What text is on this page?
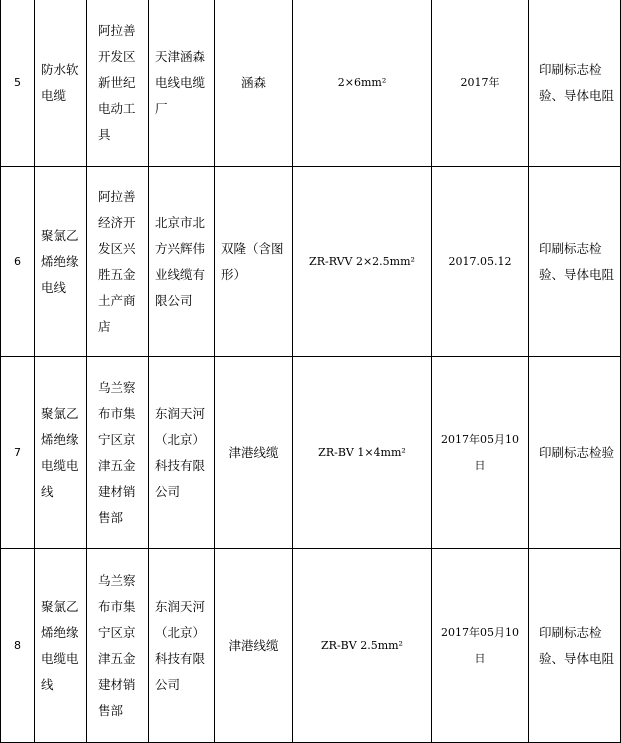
5	防水软电缆	阿拉善开发区新世纪电动工具	天津涵森电线电缆厂	涵森	2×6mm²	2017年	印刷标志检验、导体电阻
6	聚氯乙烯绝缘电线	阿拉善经济开发区兴胜五金土产商店	北京市北方兴辉伟业线缆有限公司	双隆（含图形）	ZR-RVV 2×2.5mm²	2017.05.12	印刷标志检验、导体电阻
7	聚氯乙烯绝缘电缆电线	乌兰察布市集宁区京津五金建材销售部	东润天河（北京）科技有限公司	津港线缆	ZR-BV 1×4mm²	2017年05月10日	印刷标志检验
8	聚氯乙烯绝缘电缆电线	乌兰察布市集宁区京津五金建材销售部	东润天河（北京）科技有限公司	津港线缆	ZR-BV 2.5mm²	2017年05月10日	印刷标志检验、导体电阻
